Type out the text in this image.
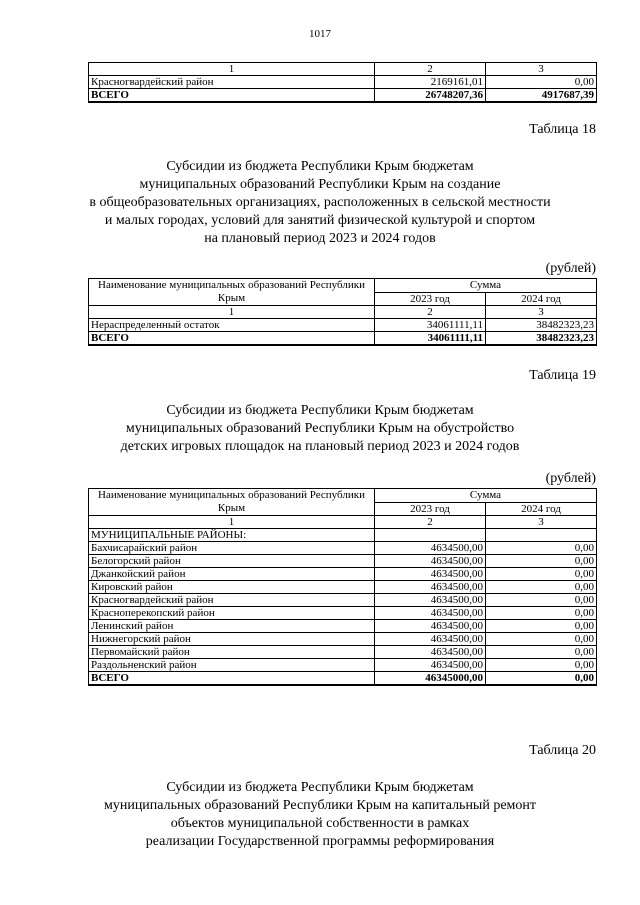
1017
1	2	3
Красногвардейский район	2169161,01	0,00
ВСЕГО	26748207,36	4917687,39
Таблица 18
Субсидии из бюджета Республики Крым бюджетам
муниципальных образований Республики Крым на создание
в общеобразовательных организациях, расположенных в сельской местности
и малых городах, условий для занятий физической культурой и спортом
на плановый период 2023 и 2024 годов
(рублей)
Наименование муниципальных образований Республики Крым	Сумма	
	2023 год	2024 год
1	2	3
Нераспределенный остаток	34061111,11	38482323,23
ВСЕГО	34061111,11	38482323,23
Таблица 19
Субсидии из бюджета Республики Крым бюджетам
муниципальных образований Республики Крым на обустройство
детских игровых площадок на плановый период 2023 и 2024 годов
(рублей)
Наименование муниципальных образований Республики Крым	Сумма	
	2023 год	2024 год
1	2	3
МУНИЦИПАЛЬНЫЕ РАЙОНЫ:		
Бахчисарайский район	4634500,00	0,00
Белогорский район	4634500,00	0,00
Джанкойский район	4634500,00	0,00
Кировский район	4634500,00	0,00
Красногвардейский район	4634500,00	0,00
Красноперекопский район	4634500,00	0,00
Ленинский район	4634500,00	0,00
Нижнегорский район	4634500,00	0,00
Первомайский район	4634500,00	0,00
Раздольненский район	4634500,00	0,00
ВСЕГО	46345000,00	0,00
Таблица 20
Субсидии из бюджета Республики Крым бюджетам
муниципальных образований Республики Крым на капитальный ремонт
объектов муниципальной собственности в рамках
реализации Государственной программы реформирования
